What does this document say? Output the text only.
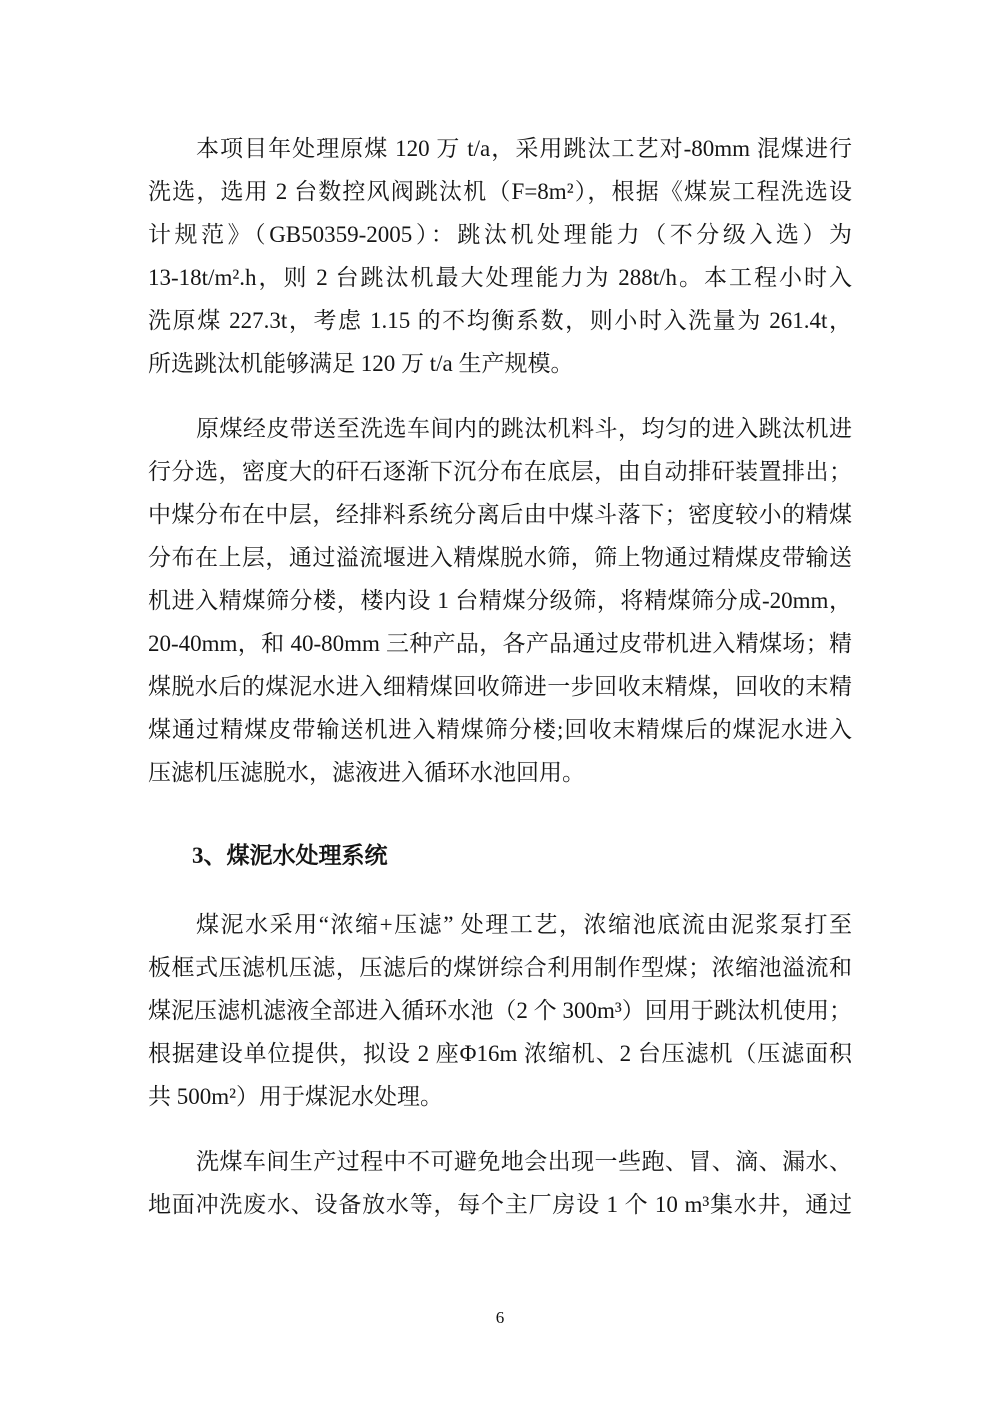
本项目年处理原煤 120 万 t/a，采用跳汰工艺对-80mm 混煤进行
洗选，选用 2 台数控风阀跳汰机（F=8m²），根据《煤炭工程洗选设
计规范》（GB50359-2005）：跳汰机处理能力（不分级入选）为
13-18t/m².h，则 2 台跳汰机最大处理能力为 288t/h。本工程小时入
洗原煤 227.3t，考虑 1.15 的不均衡系数，则小时入洗量为 261.4t，
所选跳汰机能够满足 120 万 t/a 生产规模。
原煤经皮带送至洗选车间内的跳汰机料斗，均匀的进入跳汰机进
行分选，密度大的矸石逐渐下沉分布在底层，由自动排矸装置排出；
中煤分布在中层，经排料系统分离后由中煤斗落下；密度较小的精煤
分布在上层，通过溢流堰进入精煤脱水筛，筛上物通过精煤皮带输送
机进入精煤筛分楼，楼内设 1 台精煤分级筛，将精煤筛分成-20mm，
20-40mm，和 40-80mm 三种产品，各产品通过皮带机进入精煤场；精
煤脱水后的煤泥水进入细精煤回收筛进一步回收末精煤，回收的末精
煤通过精煤皮带输送机进入精煤筛分楼;回收末精煤后的煤泥水进入
压滤机压滤脱水，滤液进入循环水池回用。
3、煤泥水处理系统
煤泥水采用“浓缩+压滤” 处理工艺，浓缩池底流由泥浆泵打至
板框式压滤机压滤，压滤后的煤饼综合利用制作型煤；浓缩池溢流和
煤泥压滤机滤液全部进入循环水池（2 个 300m³）回用于跳汰机使用；
根据建设单位提供，拟设 2 座Φ16m 浓缩机、2 台压滤机（压滤面积
共 500m²）用于煤泥水处理。
洗煤车间生产过程中不可避免地会出现一些跑、冒、滴、漏水、
地面冲洗废水、设备放水等，每个主厂房设 1 个 10 m³集水井，通过
6
